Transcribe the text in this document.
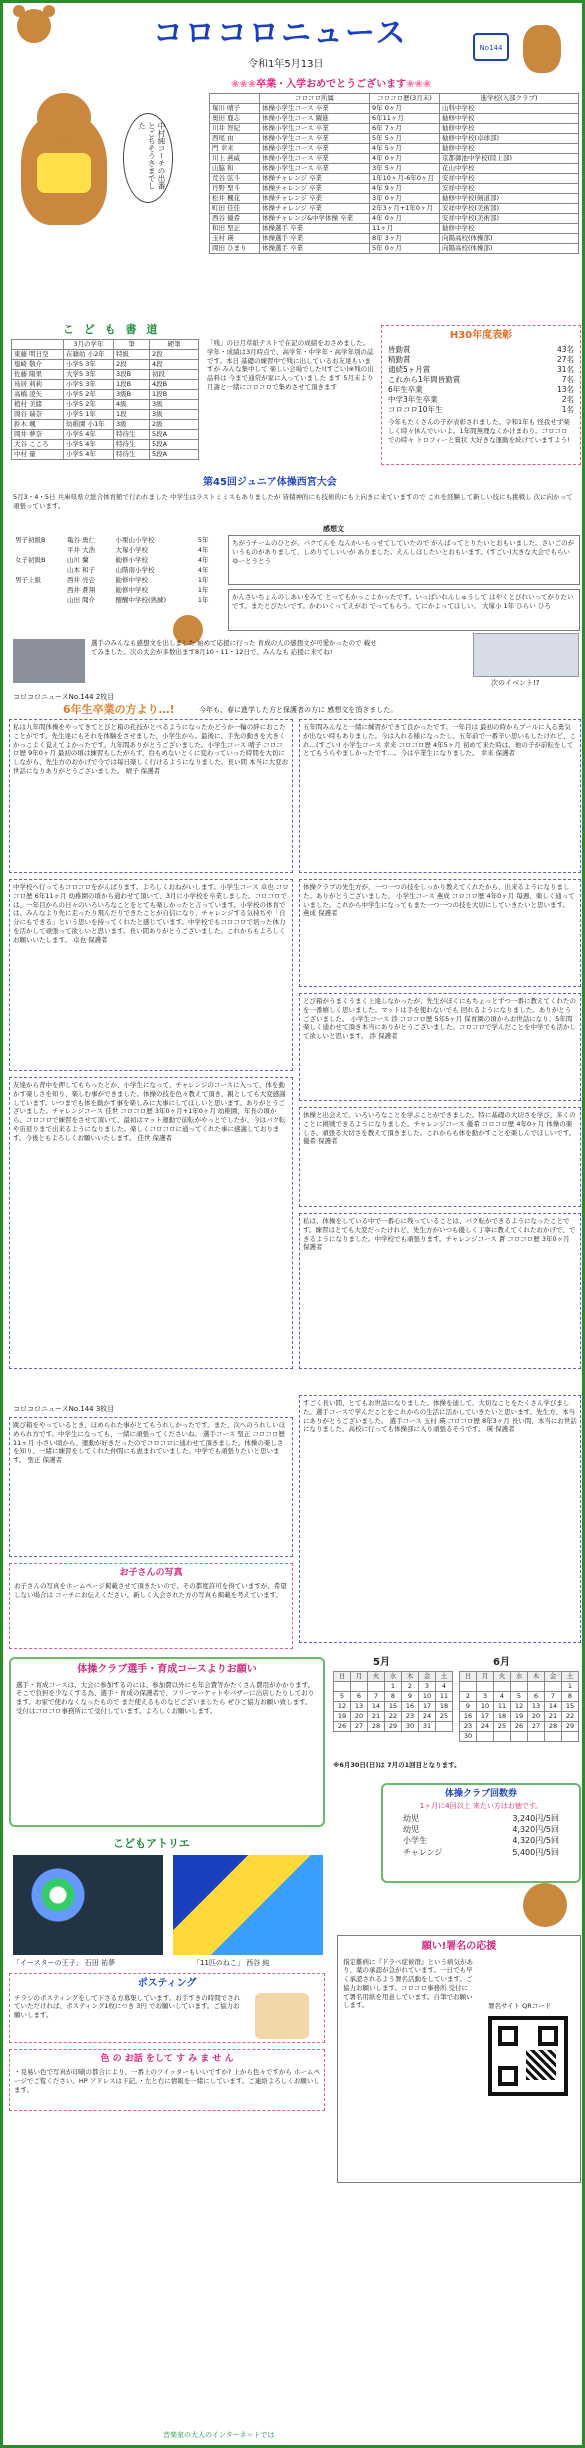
コロコロニュース
令和1年5月13日
No144
❀❀❀卒業・入学おめでとうございます❀❀❀
中村純コーチの出番とごちそうさまでした
	コロコロ所属	コロコロ歴(3月末)	進学校(入部クラブ)
塚川 晴子	体操小学生コース 卒業	9年 0ヶ月	山科中学校
奥田 鹿志	体操小学生コース 躍進	6年11ヶ月	勧修中学校
川井 智紀	体操小学生コース 卒業	6年 7ヶ月	勧修中学校
西尾 由	体操小学生コース 卒業	5年 5ヶ月	勧修中学校(卓球部)
門 幸来	体操小学生コース 卒業	4年 5ヶ月	勧修中学校
川上 燕威	体操小学生コース 卒業	4年 0ヶ月	京都御池中学校(陸上部)
山脇 和	体操小学生コース 卒業	3年 5ヶ月	花山中学校
荒谷 弦斗	体操チャレンジ 卒業	1年10ヶ月-6年0ヶ月	安祥中学校
丹野 聖斗	体操チャレンジ 卒業	4年 9ヶ月	安祥中学校
松井 楓花	体操チャレンジ 卒業	3年 0ヶ月	勧修中学校(剣道部)
町田 佳佳	体操チャレンジ 卒業	2年3ヶ月+1年0ヶ月	安祥中学校(美術部)
西谷 優希	体操チャレンジ&中学体操 卒業	4年 0ヶ月	安祥中学校(美術部)
和田 聖正	体操選手 卒業	11ヶ月	勧修中学校
玉村 瑛	体操選手 卒業	8年 3ヶ月	向陽高校(体操部)
岡田 ひまり	体操選手 卒業	5年 0ヶ月	向陽高校(体操部)
こ ど も 書 道
	3月の学年	筆	硬筆
東藤 明日空	在籍幼 小2年	特級	2段
塩崎 敬介	小学5 3年	2段	4段
佐藤 陽果	大学5 3年	3段B	初段
鳥居 莉莉	小学5 3年	1段B	4段B
高橋 凌矢	小学5 2年	3級B	1段B
植村 美緒	小学5 2年	4級	3級
岡谷 瑞奈	小学5 1年	1段	3級
鈴木 颯	幼稚園 小1年	3級	2級
岡井 夢奈	小学5 4年	特待生	5段A
大谷 こころ	小学5 4年	特待生	5段A
中村 量	小学5 4年	特待生	5段A
「残」の日月草紙テストで在記の成績をおさめました。学年・成績は3月時点で、高学年・中学年・高学年別の誌です。本日 基礎の練習中で残に出しているお友達もいますが みんな集中して 楽しい会場でした!(すごい)※残の出品料は 今まで通常が家に入っていました ます 5月末より 月謝と一緒にコロコロで集めさせて頂きます
H30年度表彰
皆勤賞	43名
精勤賞	27名
通続5ヶ月賞	31名
これから1年間皆勤賞	7名
6年生卒業	13名
中学3年生卒業	2名
コロコロ10年生	1名
今年もたくさんの子が表彰されました。令和1年も 怪我せず楽しく時々休んでいいよ。1年間無理なくかけまわり。コロコロでの時々 トロフィーと賞状 大好きな運動を続けていますよう!
第45回ジュニア体操西宮大会
5月3・4・5日 兵庫県県立総合体育館で行われました 中学生はラストミミスもありましたが 皆積神的にも技術的にも上向きに来ていますので これを経験して新しい技にも挑戦し 次に向かって頑張っています。
感想文
男子初級B	亀谷 勇仁	小栗山小学校	5年
	平井 大浩	大塚小学校	4年
女子初級B	山川 蘭	勧修小学校	4年
	山本 和子	山階南小学校	4年
男子上級	西井 亮壱	勧修中学校	1年
	西井 蒼翔	勧修中学校	1年
	山田 聞介	醍醐中学校(熟練)	1年
ちがうチームのひとが、バクてんを なんかいもっせてしていたので がんばってとりたいとおもいました。さいごのがいうものがありまして、しめりてしいいが ありました。えんしほしたいとおもいます。(すごい)大きな大会でもらい ゆーとうとう
かんさいちょんのしあいをみて とってもかっこよかったです。いっぱいれんしゅうして はやくとびれいってがりたいです。またとびたいです。かわいくってえがお でってもらう。てにかよってほしい。 大塚小 1年 ひらい ひろ
選手のみんなも感想文を出しました 始めて応援に行った 育成の人の感想文が可愛かったので 載せてみました。次の大会が多数出ます8月10・11・12日で、みんなも 応援に来てね!
次のイベント!?
コロコロニュースNo.144 2枚目
6年生卒業の方より…!	今年も、春に進学した方と保護者の方に 感想文を頂きました。
私は九年間体操をやってきてとびと箱の孔技がとべるようになったかどうか一輪の絆におこたことがです。先生達にもそれを体験をさせました、小学生から。最後に、手先の動きを大きくかっこよく覚えてよかったです。九年間ありがとうございました。小学生コース 晴子 コロコロ歴 9年0ヶ月 最初の頃は練習もしたがらず、台もめないとくに変わっていった時間を大切にしながら、先生方のおかげで今では毎日楽しく行けるようになりました。長い間 本当に大変お世話になりありがとうございました。 晴子 保護者
五年間みんなと一緒に練習ができて良かったです。一年目は 最初の時からプールに入る勇気が出ない時もありました。今は入れる様になったし、五年前で一番辛い思いもしたけれど、これ…(すごい) 小学生コース 幸来 コロコロ歴 4年5ヶ月 初めて来た時は、他の子が前転をしてとてもうらやましかったです…。今は卒業生になりました。 幸来 保護者
中学校へ行ってもコロコロをがんばります。よろしくおねがいします。小学生コース 卓也 コロコロ歴 6年11ヶ月 幼稚園の頃から通わせて頂いて、3月に小学校を卒業しました。コロコロでは、一年目からの日々のいろいろなことをとても楽しかったと言っています。小学校の体育では、みんなより先に走ったり飛んだりできたことが自信になり、チャレンジする気持ちや「自分にもできる」という思いを持ってくれたと感じています。中学校でもコロコロで培った体力を活かして頑張って欲しいと思います。長い間ありがとうございました。これからもよろしくお願いいたします。 卓也 保護者
体操クラブの先生方が、一つ一つの技をしっかり教えてくれたから、出来るようになりました。ありがとうございました。 小学生コース 燕成 コロコロ歴 4年0ヶ月 毎週、楽しく通っていました。これから中学生になってもまた一つ一つの技を大切にしていきたいと思います。 燕成 保護者
とび箱がうまくうまく上達しなかったが、先生がぼくにもちょっとずつ一番に教えてくれたのを一番嬉しく思いました。マットは手を使わないでも 回れるようになりました。ありがとうございました。 小学生コース 渉 コロコロ歴 5年5ヶ月 保育園の頃からお世話になり、5年間楽しく通わせて頂き本当にありがとうございました。コロコロで学んだことを中学でも活かして欲しいと思います。 渉 保護者
友達から背中を押してもらったとか、小学生になって、チャレンジのコースに入って、体を動かす楽しさを知り、楽しむ事ができました。体操の技を色々教えて頂き、親としても大変感謝しています。いつまでも体を動かす事を楽しみに大事にしてほしいと思います。ありがとうございました。チャレンジコース 佳世 コロコロ歴 3年0ヶ月+1年0ヶ月 幼稚園、年長の頃から、コロコロで練習をさせて頂いて、最初はマット運動で前転がやっとでしたが、今はバク転や宙返りまで出来るようになりました。楽しくコロコロに通ってくれた事に感謝しております。今後ともよろしくお願いいたします。 佳世 保護者
体操と出会えて、いろいろなことを学ぶことができました。特に基礎の大切さを学び、多くのことに挑戦できるようになりました。チャレンジコース 優希 コロコロ歴 4年0ヶ月 体操の楽しさ、頑張る大切さを教えて頂きました。これからも体を動かすことを楽しんでほしいです。 優希 保護者
私は、体操をしている中で一番心に残っていることは、バク転ができるようになったことです。練習はとても大変だったけれど、先生方がいつも優しく丁寧に教えてくれたおかげで、できるようになりました。中学校でも頑張ります。チャレンジコース 蒼 コロコロ歴 3年0ヶ月 保護者
コロコロニュースNo.144 3枚目
跳び箱をやっているとき、ほめられた事がとてもうれしかったです。また、次へのうれしいほめられ方です。中学生になっても、一緒に頑張ってくださいね。 選手コース 聖正 コロコロ歴 11ヶ月 小さい頃から、運動が好きだったのでコロコロに通わせて頂きました。体操の楽しさを知り、一緒に練習をしてくれた仲間にも恵まれていました。中学でも頑張りたいと思います。 聖正 保護者
すごく長い間、とてもお世話になりました。体操を通して、大切なことをたくさん学びました。選手コースで学んだことをこれからの生活に活かしていきたいと思います。先生方、本当にありがとうございました。 選手コース 玉村 瑛 コロコロ歴 8年3ヶ月 長い間、本当にお世話になりました。高校に行っても体操部に入り頑張るそうです。 瑛 保護者
お子さんの写真
お子さんの写真をホームページ掲載させて頂きたいので、その都度許可を得ていますが、希望しない場合は コーチにお伝えください。新しく入会された方の写真も掲載を考えています。
体操クラブ選手・育成コースよりお願い
選手・育成コースは、大会に参加するのには、参加費以外にも年会費等かたくさん費用がかかります。そこで負担を少なくする為、選手・育成の保護者で、フリーマーケットやバザーに出店したりしております。お家で使わなくなったもので まだ使えるものなどございましたら ぜひご協力お願い致します。受付はコロコロ事務所にて受付しています。よろしくお願いします。
5月	6月
日	月	火	水	木	金	土
			1	2	3	4
5	6	7	8	9	10	11
12	13	14	15	16	17	18
19	20	21	22	23	24	25
26	27	28	29	30	31	
日	月	火	水	木	金	土
						1
2	3	4	5	6	7	8
9	10	11	12	13	14	15
16	17	18	19	20	21	22
23	24	25	26	27	28	29
30						
※6月30日(日)は 7月の1回目となります。
体操クラブ回数券
1ヶ月に4回以上 来たい方はお徳です。
幼児	3,240円/5回
幼児	4,320円/5回
小学生	4,320円/5回
チャレンジ	5,400円/5回
こどもアトリエ
「イースターの王子」 石田 祐夢	「11匹のねこ」 西谷 純
ポスティング
チラシのポスティングをして下さる方募集しています。お手すきの時間でされていただければ、ポスティング1枚につき 3円 でお願いしています。ご協力お願いします。
色 の お話 をして す み ま せ ん
・見易い色で写真が印刷の都合により、一番上のツイッターもいいですか? 上から色々ですから ホームページでご覧ください。HP アドレスは下記。・左と右に情報を一緒にしています。ご連絡よろしくお願いします。
願い!署名の応援
指定難病に『ドラベ症候群』という病気があり、薬の承認が急がれています。一日でも早く承認されるよう署名活動をしています。ご協力お願いします。コロコロ事務所 受付にて署名用紙を用意しています。自筆でお願いします。	署名サイト QRコード
音楽家の大人のインターネットでは
